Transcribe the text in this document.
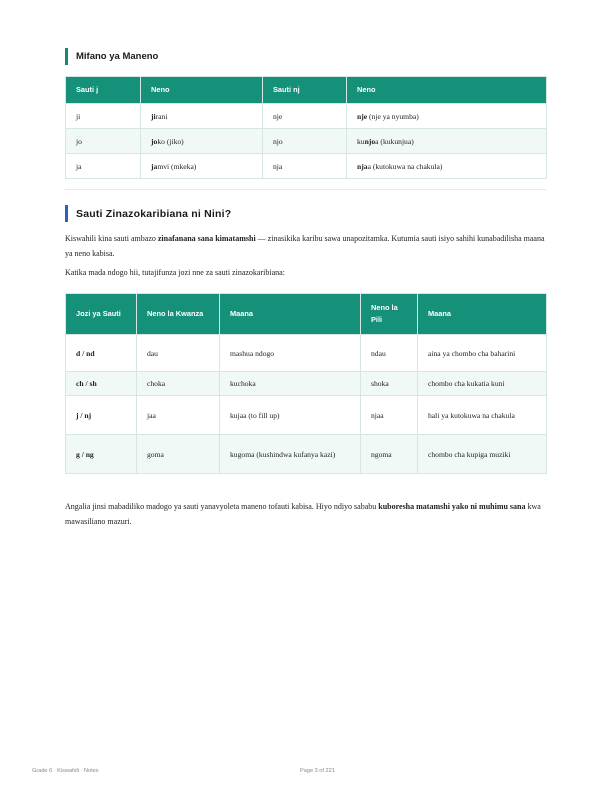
Mifano ya Maneno
Sauti j	Neno	Sauti nj	Neno
ji	jirani	nje	nje (nje ya nyumba)
jo	joko (jiko)	njo	kunjoa (kukunjua)
ja	jamvi (mkeka)	nja	njaa (kutokuwa na chakula)
Sauti Zinazokaribiana ni Nini?

Kiswahili kina sauti ambazo zinafanana sana kimatamshi — zinasikika karibu sawa unapozitamka. Kutumia sauti isiyo sahihi kunabadilisha maana ya neno kabisa.

Katika mada ndogo hii, tutajifunza jozi nne za sauti zinazokaribiana:

Jozi ya Sauti	Neno la Kwanza	Maana	Neno la Pili	Maana
d / nd	dau	mashua ndogo	ndau	aina ya chombo cha baharini
ch / sh	choka	kuchoka	shoka	chombo cha kukatia kuni
j / nj	jaa	kujaa (to fill up)	njaa	hali ya kutokuwa na chakula
g / ng	goma	kugoma (kushindwa kufanya kazi)	ngoma	chombo cha kupiga muziki

Angalia jinsi mabadiliko madogo ya sauti yanavyoleta maneno tofauti kabisa. Hiyo ndiyo sababu kuboresha matamshi yako ni muhimu sana kwa mawasiliano mazuri.

Grade 6 · Kiswahili · Notes	Page 3 of 221
